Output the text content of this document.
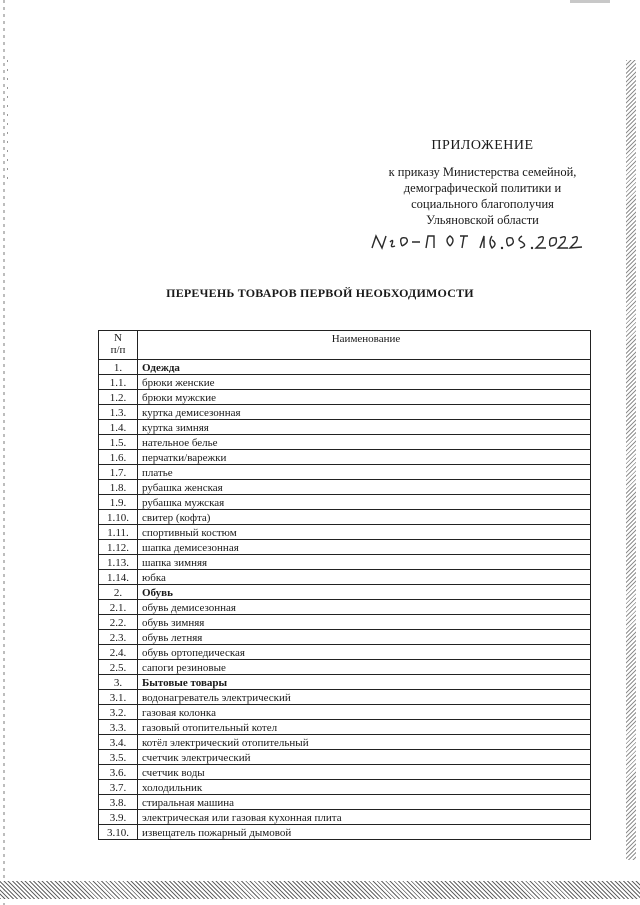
ПРИЛОЖЕНИЕ
к приказу Министерства семейной,
демографической политики и
социального благополучия
Ульяновской области
ПЕРЕЧЕНЬ ТОВАРОВ ПЕРВОЙ НЕОБХОДИМОСТИ
N
п/п	Наименование
1.	Одежда
1.1.	брюки женские
1.2.	брюки мужские
1.3.	куртка демисезонная
1.4.	куртка зимняя
1.5.	нательное белье
1.6.	перчатки/варежки
1.7.	платье
1.8.	рубашка женская
1.9.	рубашка мужская
1.10.	свитер (кофта)
1.11.	спортивный костюм
1.12.	шапка демисезонная
1.13.	шапка зимняя
1.14.	юбка
2.	Обувь
2.1.	обувь демисезонная
2.2.	обувь зимняя
2.3.	обувь летняя
2.4.	обувь ортопедическая
2.5.	сапоги резиновые
3.	Бытовые товары
3.1.	водонагреватель электрический
3.2.	газовая колонка
3.3.	газовый отопительный котел
3.4.	котёл электрический отопительный
3.5.	счетчик электрический
3.6.	счетчик воды
3.7.	холодильник
3.8.	стиральная машина
3.9.	электрическая или газовая кухонная плита
3.10.	извещатель пожарный дымовой
